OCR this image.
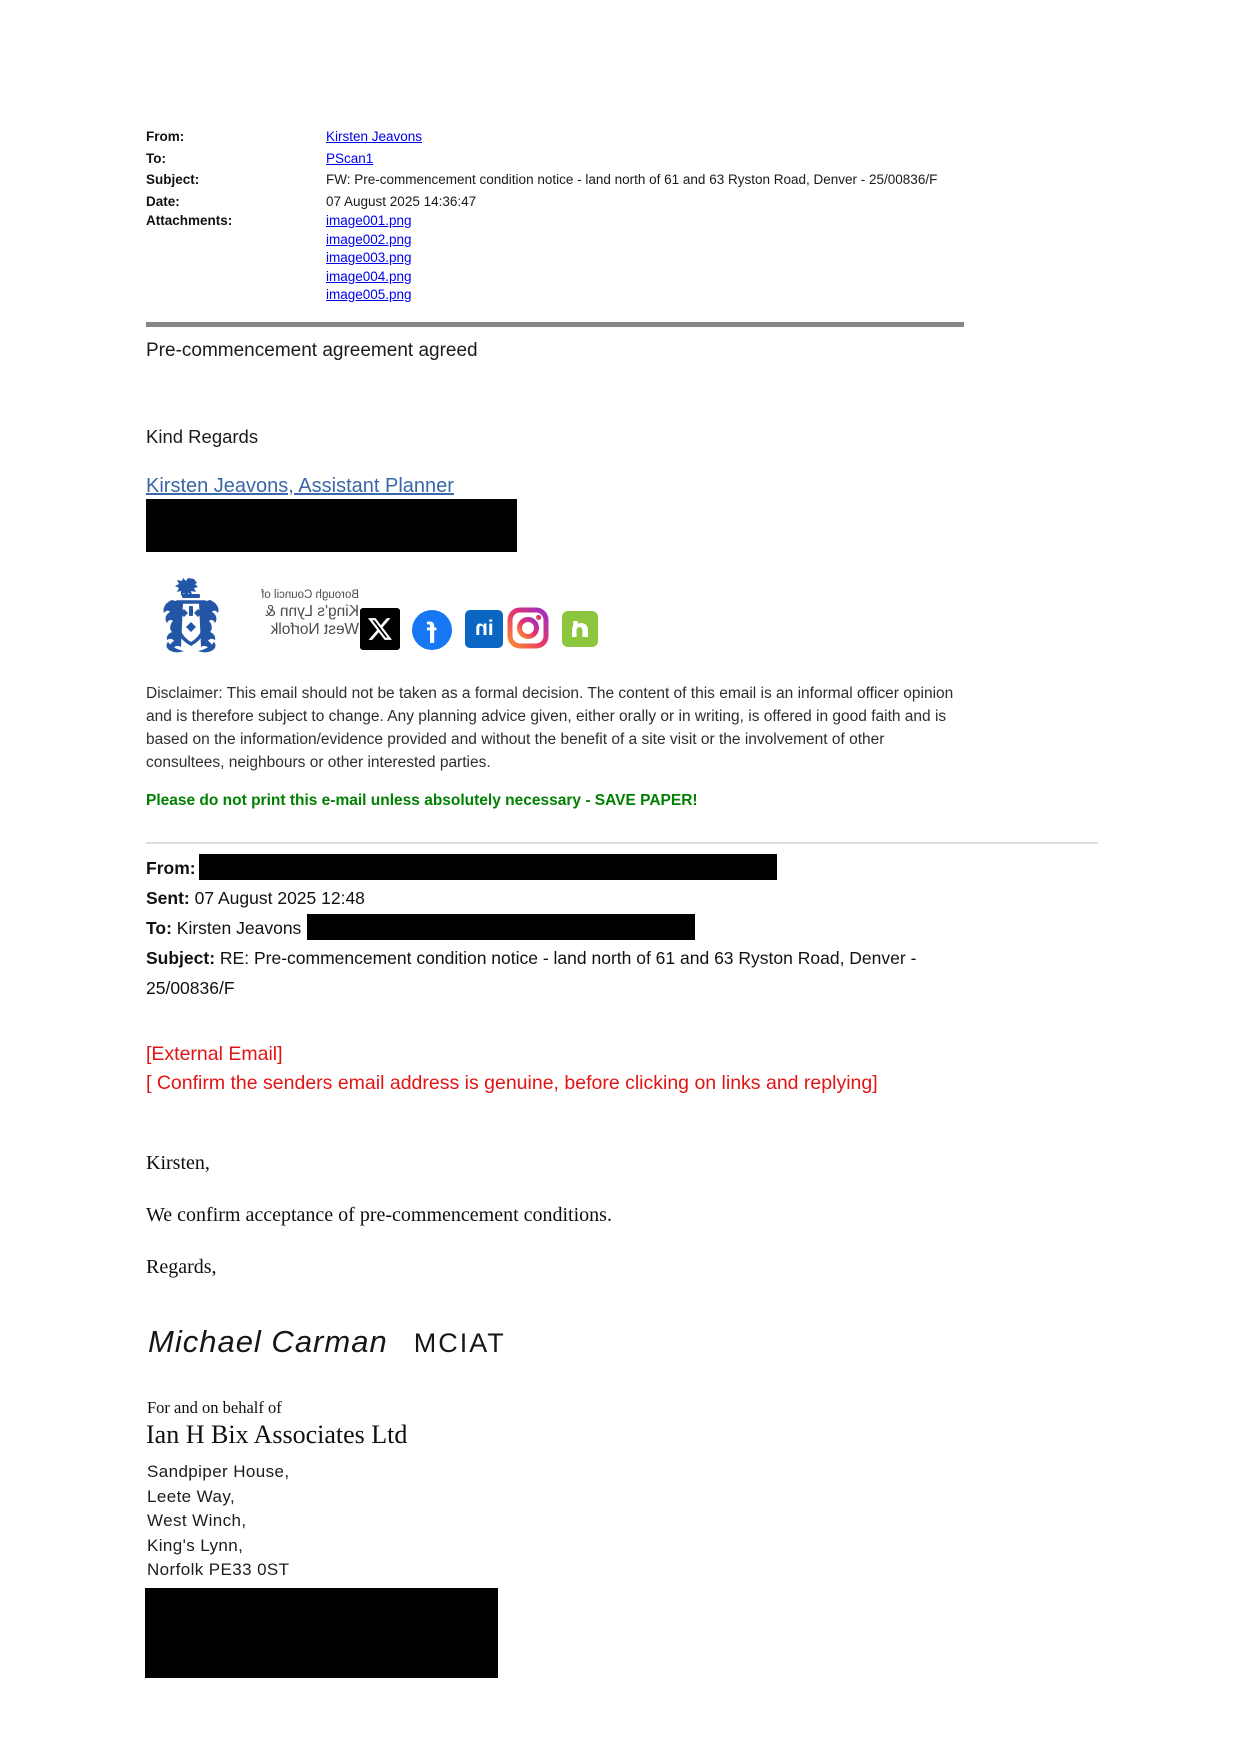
From:	Kirsten Jeavons
To:	PScan1
Subject:	FW: Pre-commencement condition notice - land north of 61 and 63 Ryston Road, Denver - 25/00836/F
Date:	07 August 2025 14:36:47
Attachments:	image001.png
image002.png
image003.png
image004.png
image005.png
Pre-commencement agreement agreed
Kind Regards
Kirsten Jeavons, Assistant Planner
Borough Council of
King's Lynn &
West Norfolk f in
Disclaimer: This email should not be taken as a formal decision. The content of this email is an informal officer opinion and is therefore subject to change. Any planning advice given, either orally or in writing, is offered in good faith and is based on the information/evidence provided and without the benefit of a site visit or the involvement of other consultees, neighbours or other interested parties.
Please do not print this e-mail unless absolutely necessary - SAVE PAPER!
From:
Sent: 07 August 2025 12:48
To: Kirsten Jeavons
Subject: RE: Pre-commencement condition notice - land north of 61 and 63 Ryston Road, Denver - 25/00836/F
[External Email]
[ Confirm the senders email address is genuine, before clicking on links and replying]
Kirsten,
We confirm acceptance of pre-commencement conditions.
Regards,
Michael Carman MCIAT
For and on behalf of
Ian H Bix Associates Ltd
Sandpiper House,
Leete Way,
West Winch,
King's Lynn,
Norfolk PE33 0ST
